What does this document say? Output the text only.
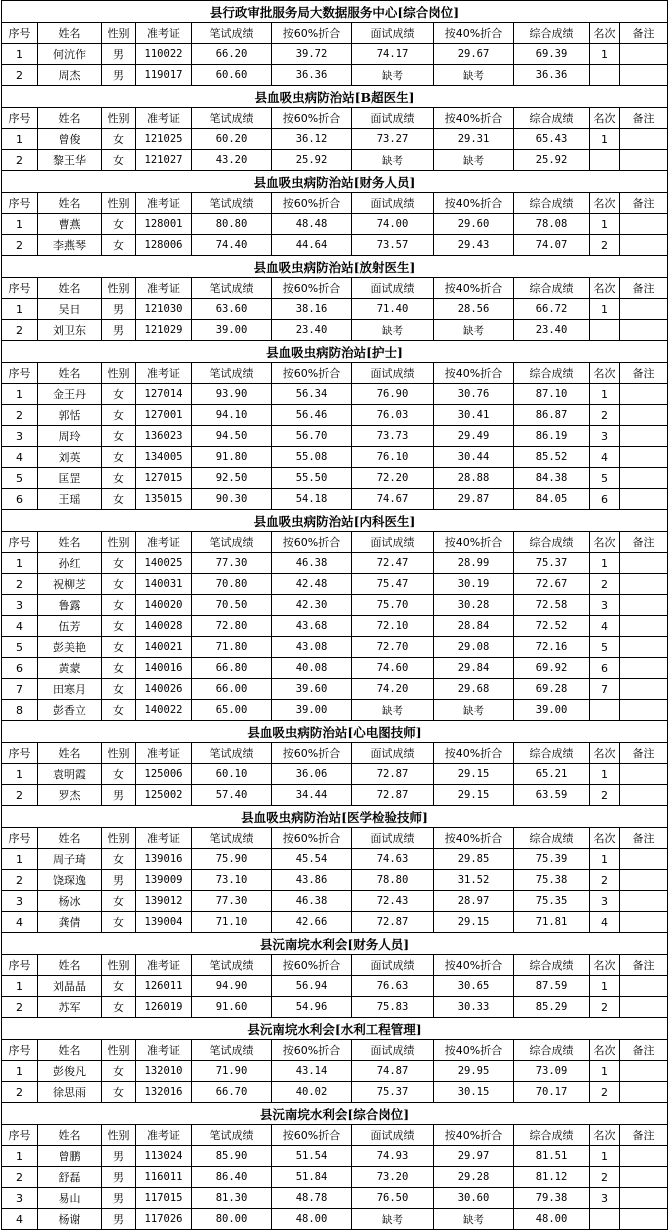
县行政审批服务局大数据服务中心[综合岗位]										
序号	姓名	性别	准考证	笔试成绩	按60%折合	面试成绩	按40%折合	综合成绩	名次	备注
1	何沆作	男	110022	66.20	39.72	74.17	29.67	69.39	1	
2	周杰	男	119017	60.60	36.36	缺考	缺考	36.36		
县血吸虫病防治站[B超医生]										
序号	姓名	性别	准考证	笔试成绩	按60%折合	面试成绩	按40%折合	综合成绩	名次	备注
1	曾俊	女	121025	60.20	36.12	73.27	29.31	65.43	1	
2	黎王华	女	121027	43.20	25.92	缺考	缺考	25.92		
县血吸虫病防治站[财务人员]										
序号	姓名	性别	准考证	笔试成绩	按60%折合	面试成绩	按40%折合	综合成绩	名次	备注
1	曹燕	女	128001	80.80	48.48	74.00	29.60	78.08	1	
2	李燕琴	女	128006	74.40	44.64	73.57	29.43	74.07	2	
县血吸虫病防治站[放射医生]										
序号	姓名	性别	准考证	笔试成绩	按60%折合	面试成绩	按40%折合	综合成绩	名次	备注
1	吴日	男	121030	63.60	38.16	71.40	28.56	66.72	1	
2	刘卫东	男	121029	39.00	23.40	缺考	缺考	23.40		
县血吸虫病防治站[护士]										
序号	姓名	性别	准考证	笔试成绩	按60%折合	面试成绩	按40%折合	综合成绩	名次	备注
1	金王丹	女	127014	93.90	56.34	76.90	30.76	87.10	1	
2	郭恬	女	127001	94.10	56.46	76.03	30.41	86.87	2	
3	周玲	女	136023	94.50	56.70	73.73	29.49	86.19	3	
4	刘英	女	134005	91.80	55.08	76.10	30.44	85.52	4	
5	匡罡	女	127015	92.50	55.50	72.20	28.88	84.38	5	
6	王瑶	女	135015	90.30	54.18	74.67	29.87	84.05	6	
县血吸虫病防治站[内科医生]										
序号	姓名	性别	准考证	笔试成绩	按60%折合	面试成绩	按40%折合	综合成绩	名次	备注
1	孙红	女	140025	77.30	46.38	72.47	28.99	75.37	1	
2	祝柳芝	女	140031	70.80	42.48	75.47	30.19	72.67	2	
3	鲁露	女	140020	70.50	42.30	75.70	30.28	72.58	3	
4	伍芳	女	140028	72.80	43.68	72.10	28.84	72.52	4	
5	彭美艳	女	140021	71.80	43.08	72.70	29.08	72.16	5	
6	黄蒙	女	140016	66.80	40.08	74.60	29.84	69.92	6	
7	田寒月	女	140026	66.00	39.60	74.20	29.68	69.28	7	
8	彭香立	女	140022	65.00	39.00	缺考	缺考	39.00		
县血吸虫病防治站[心电图技师]										
序号	姓名	性别	准考证	笔试成绩	按60%折合	面试成绩	按40%折合	综合成绩	名次	备注
1	袁明霞	女	125006	60.10	36.06	72.87	29.15	65.21	1	
2	罗杰	男	125002	57.40	34.44	72.87	29.15	63.59	2	
县血吸虫病防治站[医学检验技师]										
序号	姓名	性别	准考证	笔试成绩	按60%折合	面试成绩	按40%折合	综合成绩	名次	备注
1	周子琦	女	139016	75.90	45.54	74.63	29.85	75.39	1	
2	饶琛逸	男	139009	73.10	43.86	78.80	31.52	75.38	2	
3	杨冰	女	139012	77.30	46.38	72.43	28.97	75.35	3	
4	龚倩	女	139004	71.10	42.66	72.87	29.15	71.81	4	
县沅南垸水利会[财务人员]										
序号	姓名	性别	准考证	笔试成绩	按60%折合	面试成绩	按40%折合	综合成绩	名次	备注
1	刘晶晶	女	126011	94.90	56.94	76.63	30.65	87.59	1	
2	苏军	女	126019	91.60	54.96	75.83	30.33	85.29	2	
县沅南垸水利会[水利工程管理]										
序号	姓名	性别	准考证	笔试成绩	按60%折合	面试成绩	按40%折合	综合成绩	名次	备注
1	彭俊凡	女	132010	71.90	43.14	74.87	29.95	73.09	1	
2	徐思雨	女	132016	66.70	40.02	75.37	30.15	70.17	2	
县沅南垸水利会[综合岗位]										
序号	姓名	性别	准考证	笔试成绩	按60%折合	面试成绩	按40%折合	综合成绩	名次	备注
1	曾鹏	男	113024	85.90	51.54	74.93	29.97	81.51	1	
2	舒磊	男	116011	86.40	51.84	73.20	29.28	81.12	2	
3	易山	男	117015	81.30	48.78	76.50	30.60	79.38	3	
4	杨谢	男	117026	80.00	48.00	缺考	缺考	48.00		
